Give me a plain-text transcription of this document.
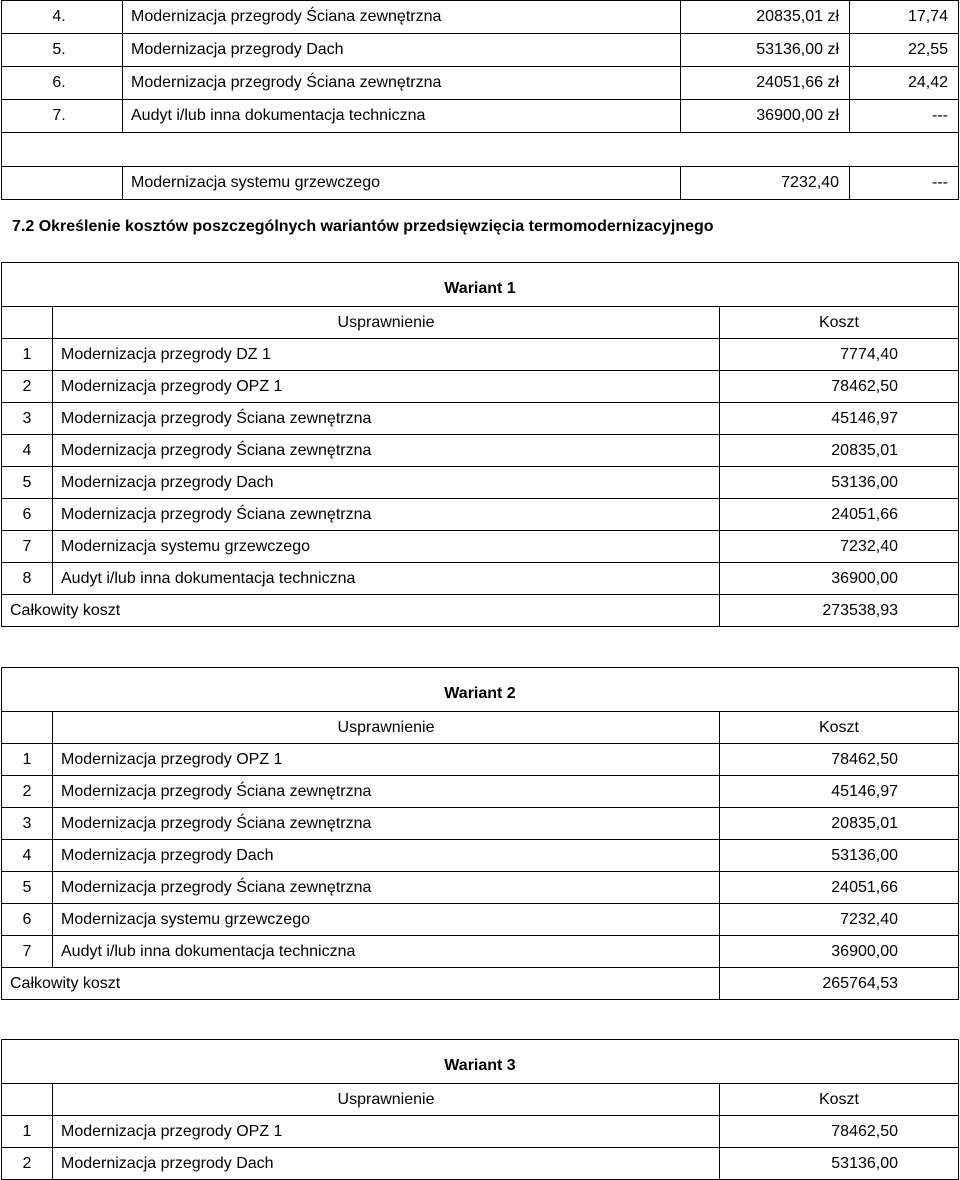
4.	Modernizacja przegrody Ściana zewnętrzna	20835,01 zł	17,74
5.	Modernizacja przegrody Dach	53136,00 zł	22,55
6.	Modernizacja przegrody Ściana zewnętrzna	24051,66 zł	24,42
7.	Audyt i/lub inna dokumentacja techniczna	36900,00 zł	---

	Modernizacja systemu grzewczego	7232,40	---

7.2 Określenie kosztów poszczególnych wariantów przedsięwzięcia termomodernizacyjnego

Wariant 1		
	Usprawnienie	Koszt
1	Modernizacja przegrody DZ 1	7774,40
2	Modernizacja przegrody OPZ 1	78462,50
3	Modernizacja przegrody Ściana zewnętrzna	45146,97
4	Modernizacja przegrody Ściana zewnętrzna	20835,01
5	Modernizacja przegrody Dach	53136,00
6	Modernizacja przegrody Ściana zewnętrzna	24051,66
7	Modernizacja systemu grzewczego	7232,40
8	Audyt i/lub inna dokumentacja techniczna	36900,00
Całkowity koszt		273538,93
Wariant 2		
	Usprawnienie	Koszt
1	Modernizacja przegrody OPZ 1	78462,50
2	Modernizacja przegrody Ściana zewnętrzna	45146,97
3	Modernizacja przegrody Ściana zewnętrzna	20835,01
4	Modernizacja przegrody Dach	53136,00
5	Modernizacja przegrody Ściana zewnętrzna	24051,66
6	Modernizacja systemu grzewczego	7232,40
7	Audyt i/lub inna dokumentacja techniczna	36900,00
Całkowity koszt		265764,53
Wariant 3		
	Usprawnienie	Koszt
1	Modernizacja przegrody OPZ 1	78462,50
2	Modernizacja przegrody Dach	53136,00
